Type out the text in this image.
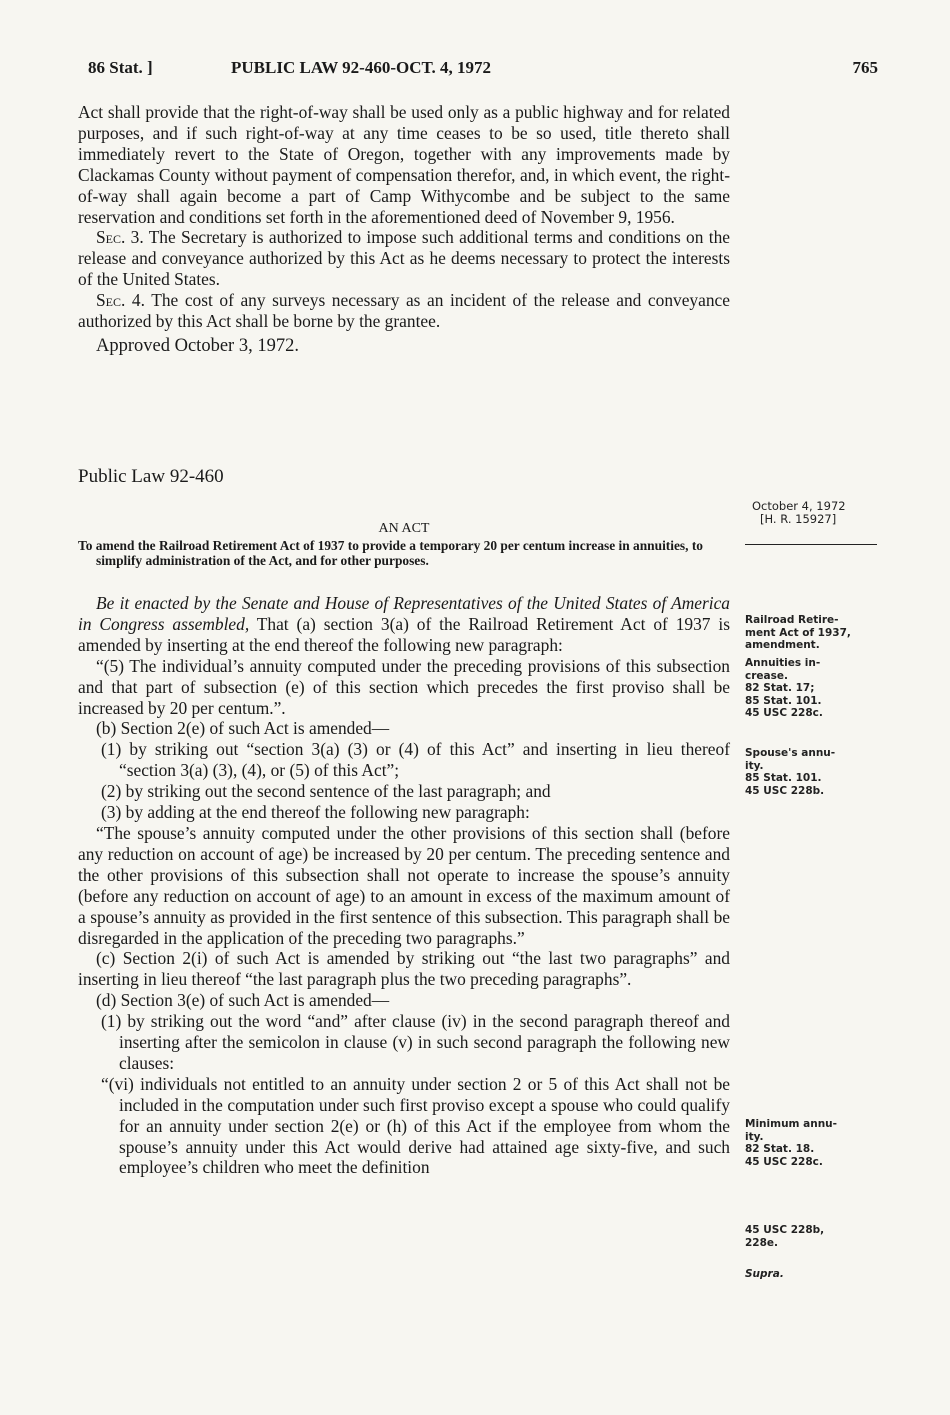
86 Stat. ]	PUBLIC LAW 92-460-OCT. 4, 1972	765

Act shall provide that the right-of-way shall be used only as a public highway and for related purposes, and if such right-of-way at any time ceases to be so used, title thereto shall immediately revert to the State of Oregon, together with any improvements made by Clackamas County without payment of compensation therefor, and, in which event, the right-of-way shall again become a part of Camp Withycombe and be subject to the same reservation and conditions set forth in the aforementioned deed of November 9, 1956.

Sec. 3. The Secretary is authorized to impose such additional terms and conditions on the release and conveyance authorized by this Act as he deems necessary to protect the interests of the United States.

Sec. 4. The cost of any surveys necessary as an incident of the release and conveyance authorized by this Act shall be borne by the grantee.

Approved October 3, 1972.

Public Law 92-460

AN ACT

To amend the Railroad Retirement Act of 1937 to provide a temporary 20 per centum increase in annuities, to simplify administration of the Act, and for other purposes.

Be it enacted by the Senate and House of Representatives of the United States of America in Congress assembled, That (a) section 3(a) of the Railroad Retirement Act of 1937 is amended by inserting at the end thereof the following new paragraph:

“(5) The individual’s annuity computed under the preceding provisions of this subsection and that part of subsection (e) of this section which precedes the first proviso shall be increased by 20 per centum.”.

(b) Section 2(e) of such Act is amended—

(1) by striking out “section 3(a) (3) or (4) of this Act” and inserting in lieu thereof “section 3(a) (3), (4), or (5) of this Act”;

(2) by striking out the second sentence of the last paragraph; and

(3) by adding at the end thereof the following new paragraph:

“The spouse’s annuity computed under the other provisions of this section shall (before any reduction on account of age) be increased by 20 per centum. The preceding sentence and the other provisions of this subsection shall not operate to increase the spouse’s annuity (before any reduction on account of age) to an amount in excess of the maximum amount of a spouse’s annuity as provided in the first sentence of this subsection. This paragraph shall be disregarded in the application of the preceding two paragraphs.”

(c) Section 2(i) of such Act is amended by striking out “the last two paragraphs” and inserting in lieu thereof “the last paragraph plus the two preceding paragraphs”.

(d) Section 3(e) of such Act is amended—

(1) by striking out the word “and” after clause (iv) in the second paragraph thereof and inserting after the semicolon in clause (v) in such second paragraph the following new clauses:

“(vi) individuals not entitled to an annuity under section 2 or 5 of this Act shall not be included in the computation under such first proviso except a spouse who could qualify for an annuity under section 2(e) or (h) of this Act if the employee from whom the spouse’s annuity under this Act would derive had attained age sixty-five, and such employee’s children who meet the definition

October 4, 1972
[H. R. 15927]
Railroad Retire-
ment Act of 1937,
amendment.
Annuities in-
crease.
82 Stat. 17;
85 Stat. 101.
45 USC 228c.
Spouse's annu-
ity.
85 Stat. 101.
45 USC 228b.
Minimum annu-
ity.
82 Stat. 18.
45 USC 228c.
45 USC 228b,
228e.
Supra.
